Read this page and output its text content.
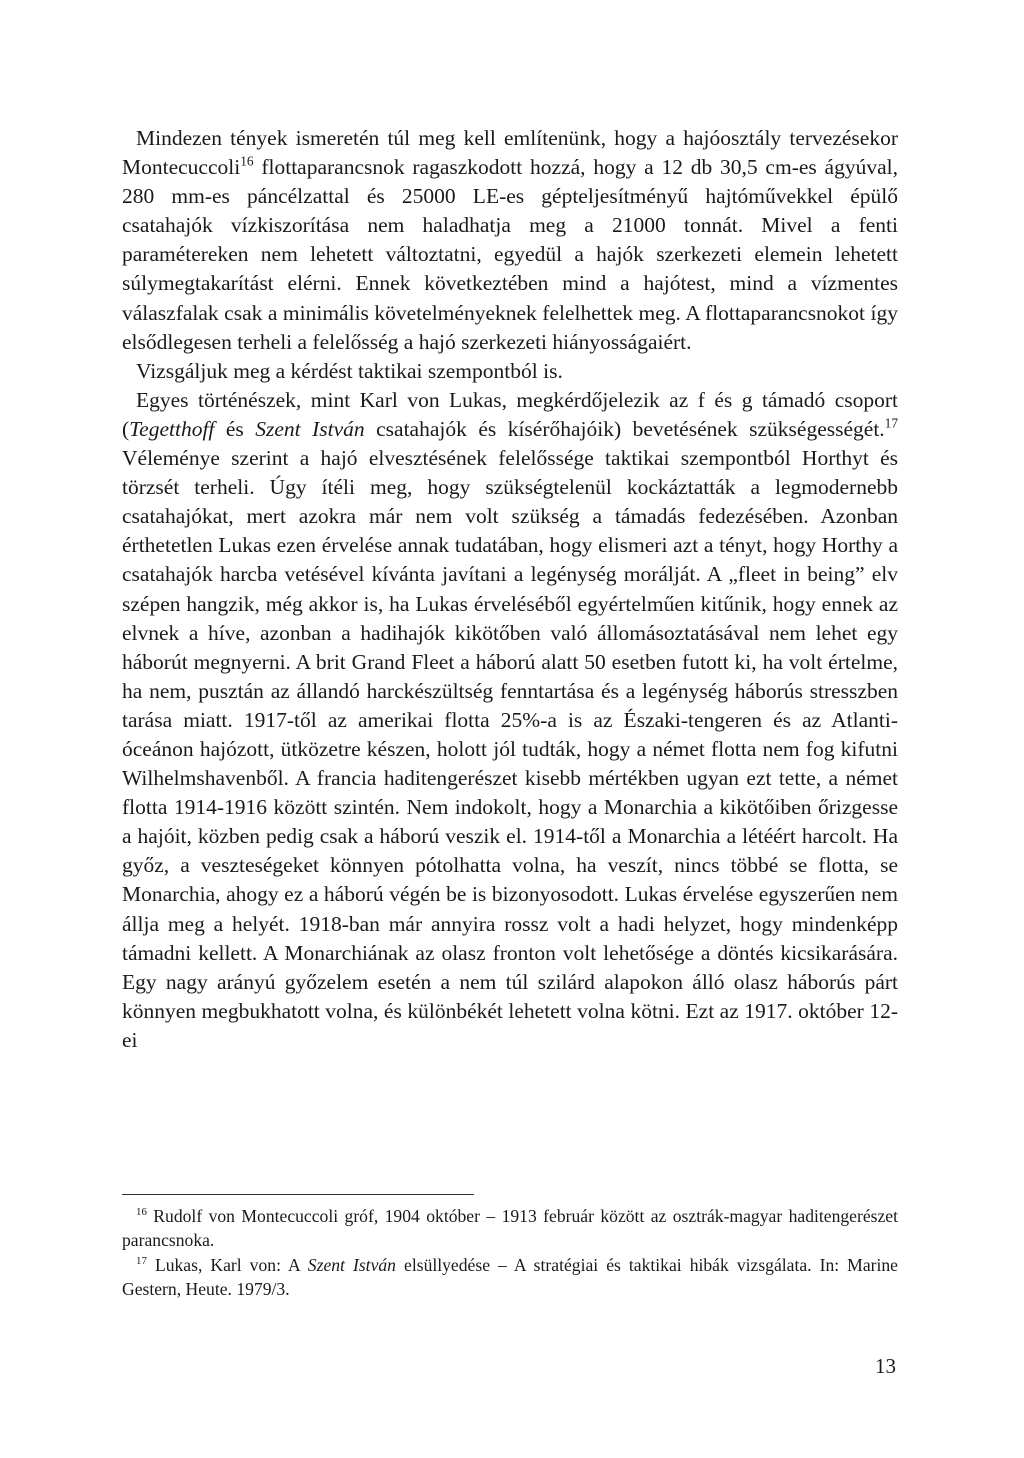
Mindezen tények ismeretén túl meg kell említenünk, hogy a hajóosztály tervezésekor Montecuccoli$^{16}$ flottaparancsnok ragaszkodott hozzá, hogy a 12 db 30,5 cm-es ágyúval, 280 mm-es páncélzattal és 25000 LE-es gépteljesítményű hajtóművekkel épülő csatahajók vízkiszorítása nem haladhatja meg a 21000 tonnát. Mivel a fenti paramétereken nem lehetett változtatni, egyedül a hajók szerkezeti elemein lehetett súlymegtakarítást elérni. Ennek következtében mind a hajótest, mind a vízmentes válaszfalak csak a minimális követelményeknek felelhettek meg. A flottaparancsnokot így elsődlegesen terheli a felelősség a hajó szerkezeti hiányosságaiért.

Vizsgáljuk meg a kérdést taktikai szempontból is.

Egyes történészek, mint Karl von Lukas, megkérdőjelezik az f és g támadó csoport (Tegetthoff és Szent István csatahajók és kísérőhajóik) bevetésének szükségességét.$^{17}$ Véleménye szerint a hajó elvesztésének felelőssége taktikai szempontból Horthyt és törzsét terheli. Úgy ítéli meg, hogy szükségtelenül kockáztatták a legmodernebb csatahajókat, mert azokra már nem volt szükség a támadás fedezésében. Azonban érthetetlen Lukas ezen érvelése annak tudatában, hogy elismeri azt a tényt, hogy Horthy a csatahajók harcba vetésével kívánta javítani a legénység morálját. A „fleet in being” elv szépen hangzik, még akkor is, ha Lukas érveléséből egyértelműen kitűnik, hogy ennek az elvnek a híve, azonban a hadihajók kikötőben való állomásoztatásával nem lehet egy háborút megnyerni. A brit Grand Fleet a háború alatt 50 esetben futott ki, ha volt értelme, ha nem, pusztán az állandó harckészültség fenntartása és a legénység háborús stresszben tarása miatt. 1917-től az amerikai flotta 25%-a is az Északi-tengeren és az Atlanti-óceánon hajózott, ütközetre készen, holott jól tudták, hogy a német flotta nem fog kifutni Wilhelmshavenből. A francia haditengerészet kisebb mértékben ugyan ezt tette, a német flotta 1914-1916 között szintén. Nem indokolt, hogy a Monarchia a kikötőiben őrizgesse a hajóit, közben pedig csak a háború veszik el. 1914-től a Monarchia a létéért harcolt. Ha győz, a veszteségeket könnyen pótolhatta volna, ha veszít, nincs többé se flotta, se Monarchia, ahogy ez a háború végén be is bizonyosodott. Lukas érvelése egyszerűen nem állja meg a helyét. 1918-ban már annyira rossz volt a hadi helyzet, hogy mindenképp támadni kellett. A Monarchiának az olasz fronton volt lehetősége a döntés kicsikarására. Egy nagy arányú győzelem esetén a nem túl szilárd alapokon álló olasz háborús párt könnyen megbukhatott volna, és különbékét lehetett volna kötni. Ezt az 1917. október 12-ei

$^{16}$ Rudolf von Montecuccoli gróf, 1904 október – 1913 február között az osztrák-magyar haditengerészet parancsnoka.

$^{17}$ Lukas, Karl von: A Szent István elsüllyedése – A stratégiai és taktikai hibák vizsgálata. In: Marine Gestern, Heute. 1979/3.

13
